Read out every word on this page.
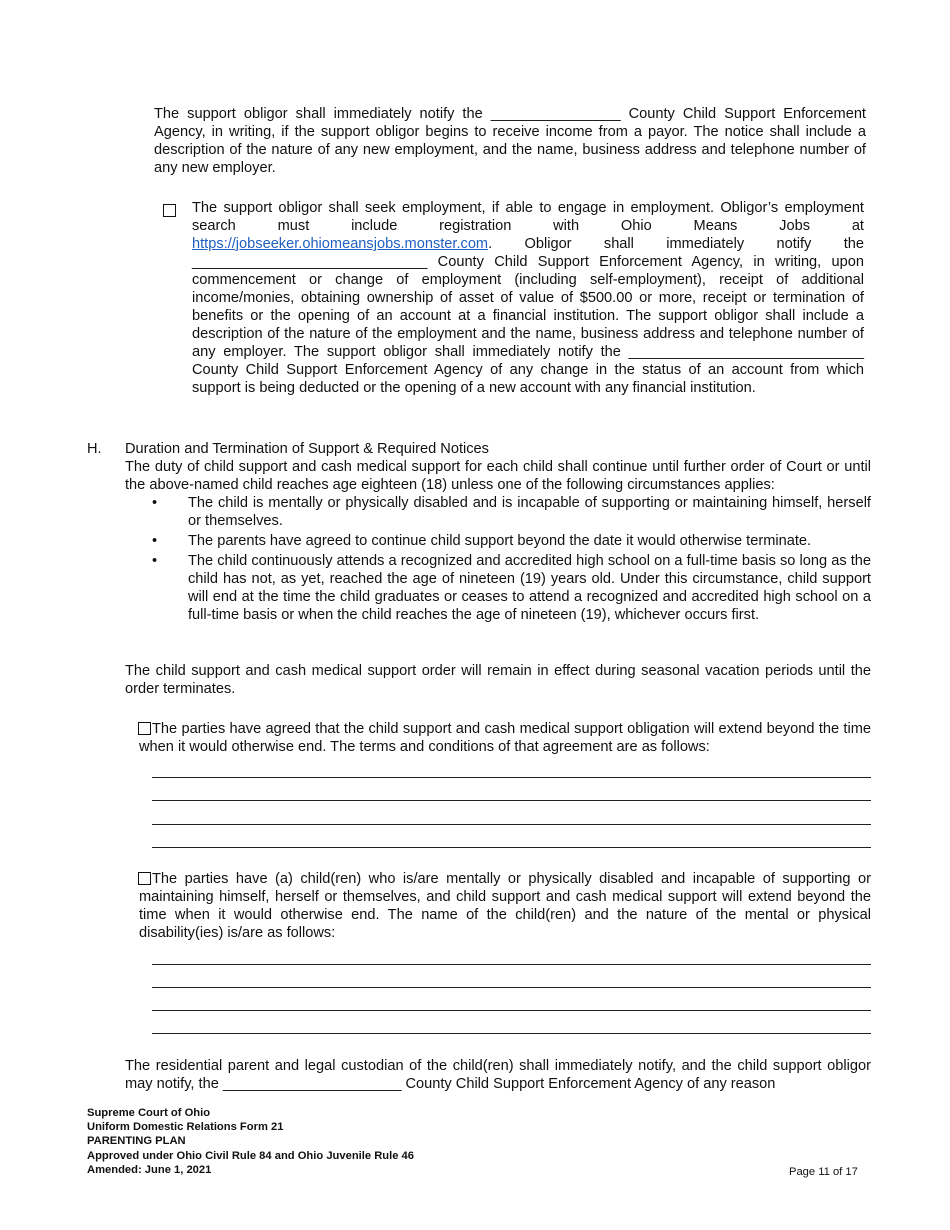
The support obligor shall immediately notify the ________________ County Child Support Enforcement Agency, in writing, if the support obligor begins to receive income from a payor. The notice shall include a description of the nature of any new employment, and the name, business address and telephone number of any new employer.
The support obligor shall seek employment, if able to engage in employment. Obligor’s employment search must include registration with Ohio Means Jobs at https://jobseeker.ohiomeansjobs.monster.com. Obligor shall immediately notify the _____________________________ County Child Support Enforcement Agency, in writing, upon commencement or change of employment (including self-employment), receipt of additional income/monies, obtaining ownership of asset of value of $500.00 or more, receipt or termination of benefits or the opening of an account at a financial institution. The support obligor shall include a description of the nature of the employment and the name, business address and telephone number of any employer. The support obligor shall immediately notify the _____________________________ County Child Support Enforcement Agency of any change in the status of an account from which support is being deducted or the opening of a new account with any financial institution.
H. Duration and Termination of Support & Required Notices
The duty of child support and cash medical support for each child shall continue until further order of Court or until the above-named child reaches age eighteen (18) unless one of the following circumstances applies:
• The child is mentally or physically disabled and is incapable of supporting or maintaining himself, herself or themselves.
• The parents have agreed to continue child support beyond the date it would otherwise terminate.
• The child continuously attends a recognized and accredited high school on a full-time basis so long as the child has not, as yet, reached the age of nineteen (19) years old. Under this circumstance, child support will end at the time the child graduates or ceases to attend a recognized and accredited high school on a full-time basis or when the child reaches the age of nineteen (19), whichever occurs first.
The child support and cash medical support order will remain in effect during seasonal vacation periods until the order terminates.
The parties have agreed that the child support and cash medical support obligation will extend beyond the time when it would otherwise end. The terms and conditions of that agreement are as follows:
The parties have (a) child(ren) who is/are mentally or physically disabled and incapable of supporting or maintaining himself, herself or themselves, and child support and cash medical support will extend beyond the time when it would otherwise end. The name of the child(ren) and the nature of the mental or physical disability(ies) is/are as follows:
The residential parent and legal custodian of the child(ren) shall immediately notify, and the child support obligor may notify, the ______________________ County Child Support Enforcement Agency of any reason
Supreme Court of Ohio
Uniform Domestic Relations Form 21
PARENTING PLAN
Approved under Ohio Civil Rule 84 and Ohio Juvenile Rule 46
Amended: June 1, 2021	Page 11 of 17
